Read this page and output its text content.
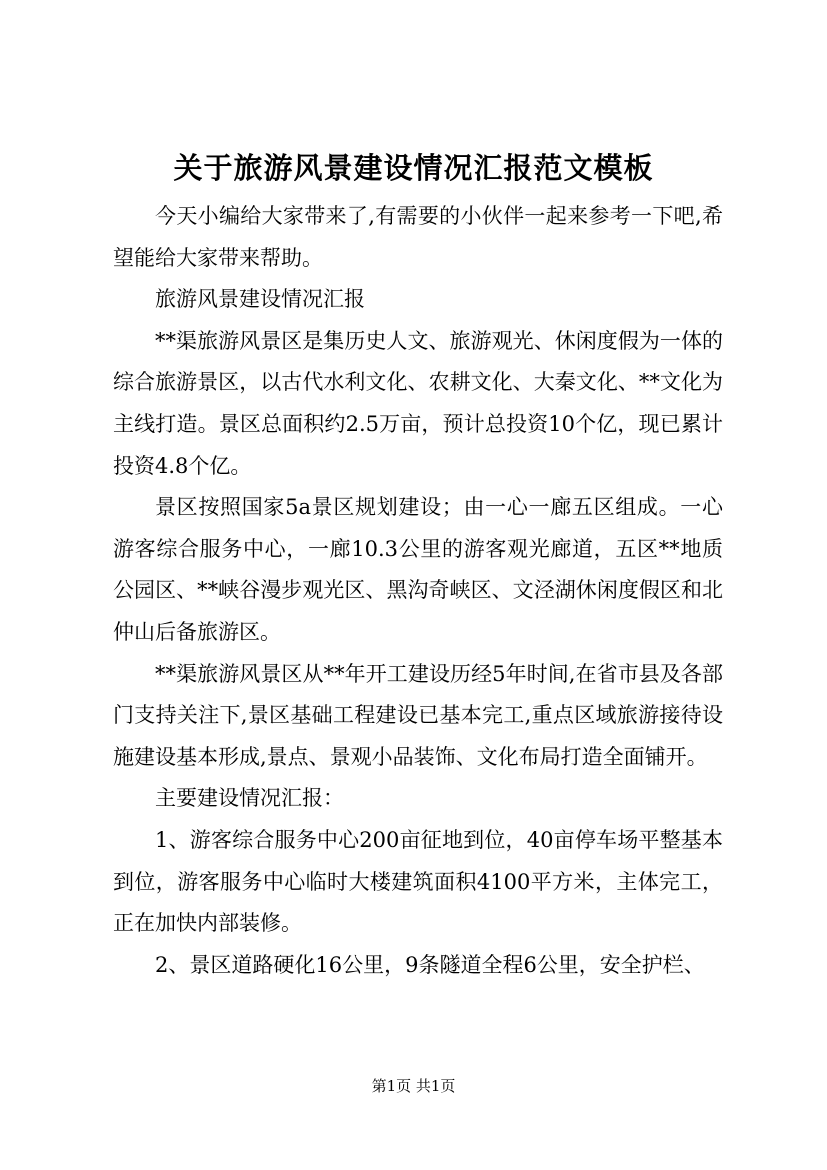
关于旅游风景建设情况汇报范文模板

今天小编给大家带来了,有需要的小伙伴一起来参考一下吧,希望能给大家带来帮助。

旅游风景建设情况汇报

**渠旅游风景区是集历史人文、旅游观光、休闲度假为一体的综合旅游景区，以古代水利文化、农耕文化、大秦文化、**文化为主线打造。景区总面积约2.5万亩，预计总投资10个亿，现已累计投资4.8个亿。

景区按照国家5a景区规划建设；由一心一廊五区组成。一心游客综合服务中心，一廊10.3公里的游客观光廊道，五区**地质公园区、**峡谷漫步观光区、黑沟奇峡区、文泾湖休闲度假区和北仲山后备旅游区。

**渠旅游风景区从**年开工建设历经5年时间,在省市县及各部门支持关注下,景区基础工程建设已基本完工,重点区域旅游接待设施建设基本形成,景点、景观小品装饰、文化布局打造全面铺开。

主要建设情况汇报：

1、游客综合服务中心200亩征地到位，40亩停车场平整基本到位，游客服务中心临时大楼建筑面积4100平方米，主体完工，正在加快内部装修。

2、景区道路硬化16公里，9条隧道全程6公里，安全护栏、

第1页 共1页
